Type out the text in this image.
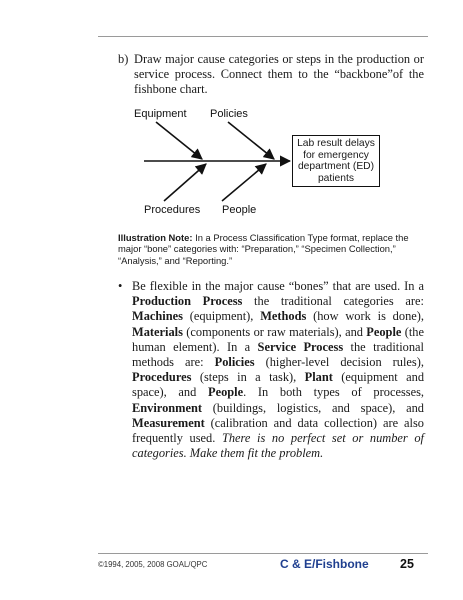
b) Draw major cause categories or steps in the production or service process. Connect them to the “backbone”of the fishbone chart.
Equipment Policies
Procedures People
Lab result delays for emergency department (ED) patients
Illustration Note: In a Process Classification Type format, replace the major “bone” categories with: “Preparation,” “Specimen Collection,” “Analysis,” and “Reporting.”
• Be flexible in the major cause “bones” that are used. In a Production Process the traditional categories are: Machines (equipment), Methods (how work is done), Materials (components or raw materials), and People (the human element). In a Service Process the traditional methods are: Policies (higher-level decision rules), Procedures (steps in a task), Plant (equipment and space), and People. In both types of processes, Environment (buildings, logistics, and space), and Measurement (calibration and data collection) are also frequently used. There is no perfect set or number of categories. Make them fit the problem.
©1994, 2005, 2008 GOAL/QPC	C & E/Fishbone	25
